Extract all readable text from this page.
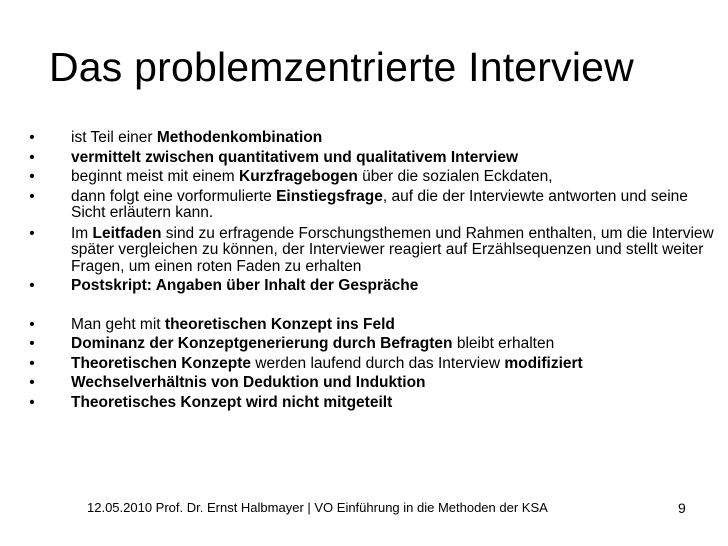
Das problemzentrierte Interview
• ist Teil einer Methodenkombination
• vermittelt zwischen quantitativem und qualitativem Interview
• beginnt meist mit einem Kurzfragebogen über die sozialen Eckdaten,
• dann folgt eine vorformulierte Einstiegsfrage, auf die der Interviewte antworten und seine Sicht erläutern kann.
• Im Leitfaden sind zu erfragende Forschungsthemen und Rahmen enthalten, um die Interview später vergleichen zu können, der Interviewer reagiert auf Erzählsequenzen und stellt weiter Fragen, um einen roten Faden zu erhalten
• Postskript: Angaben über Inhalt der Gespräche
• Man geht mit theoretischen Konzept ins Feld
• Dominanz der Konzeptgenerierung durch Befragten bleibt erhalten
• Theoretischen Konzepte werden laufend durch das Interview modifiziert
• Wechselverhältnis von Deduktion und Induktion
• Theoretisches Konzept wird nicht mitgeteilt
12.05.2010 Prof. Dr. Ernst Halbmayer | VO Einführung in die Methoden der KSA	9
